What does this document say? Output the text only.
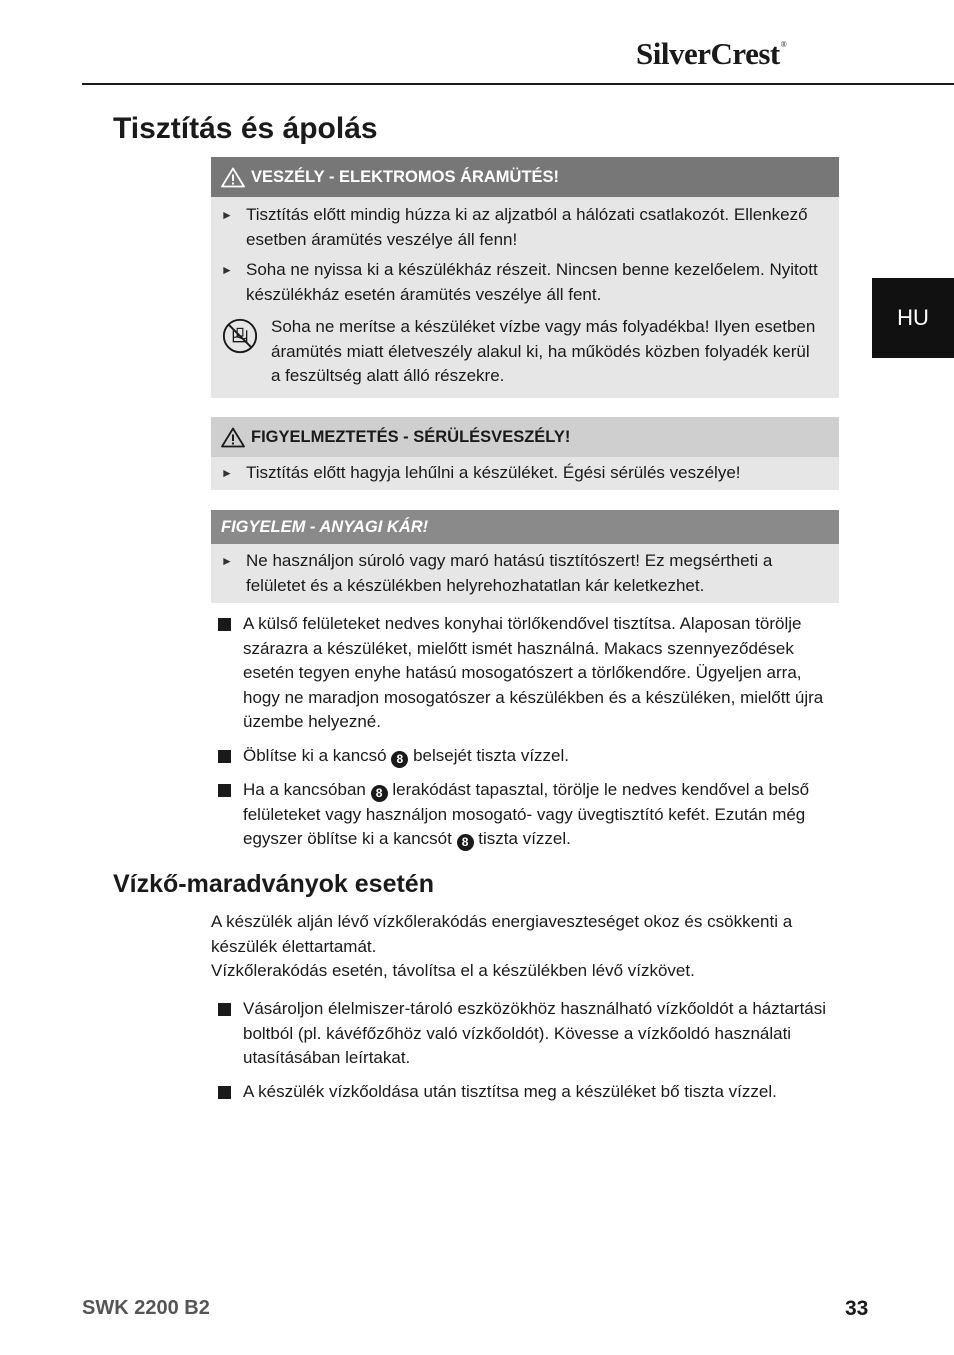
SilverCrest®
HU
Tisztítás és ápolás
VESZÉLY - ELEKTROMOS ÁRAMÜTÉS!
► Tisztítás előtt mindig húzza ki az aljzatból a hálózati csatlakozót. Ellenkező esetben áramütés veszélye áll fenn!
► Soha ne nyissa ki a készülékház részeit. Nincsen benne kezelőelem. Nyitott készülékház esetén áramütés veszélye áll fent.
Soha ne merítse a készüléket vízbe vagy más folyadékba! Ilyen esetben áramütés miatt életveszély alakul ki, ha működés közben folyadék kerül a feszültség alatt álló részekre.
FIGYELMEZTETÉS - SÉRÜLÉSVESZÉLY!
► Tisztítás előtt hagyja lehűlni a készüléket. Égési sérülés veszélye!
FIGYELEM - ANYAGI KÁR!
► Ne használjon súroló vagy maró hatású tisztítószert! Ez megsértheti a felületet és a készülékben helyrehozhatatlan kár keletkezhet.
A külső felületeket nedves konyhai törlőkendővel tisztítsa. Alaposan törölje szárazra a készüléket, mielőtt ismét használná. Makacs szennyeződések esetén tegyen enyhe hatású mosogatószert a törlőkendőre. Ügyeljen arra, hogy ne maradjon mosogatószer a készülékben és a készüléken, mielőtt újra üzembe helyezné.
Öblítse ki a kancsó 8 belsejét tiszta vízzel.
Ha a kancsóban 8 lerakódást tapasztal, törölje le nedves kendővel a belső felületeket vagy használjon mosogató- vagy üvegtisztító kefét. Ezután még egyszer öblítse ki a kancsót 8 tiszta vízzel.
Vízkő-maradványok esetén
A készülék alján lévő vízkőlerakódás energiaveszteséget okoz és csökkenti a készülék élettartamát.
Vízkőlerakódás esetén, távolítsa el a készülékben lévő vízkövet.
Vásároljon élelmiszer-tároló eszközökhöz használható vízkőoldót a háztartási boltból (pl. kávéfőzőhöz való vízkőoldót). Kövesse a vízkőoldó használati utasításában leírtakat.
A készülék vízkőoldása után tisztítsa meg a készüléket bő tiszta vízzel.
SWK 2200 B2	33
